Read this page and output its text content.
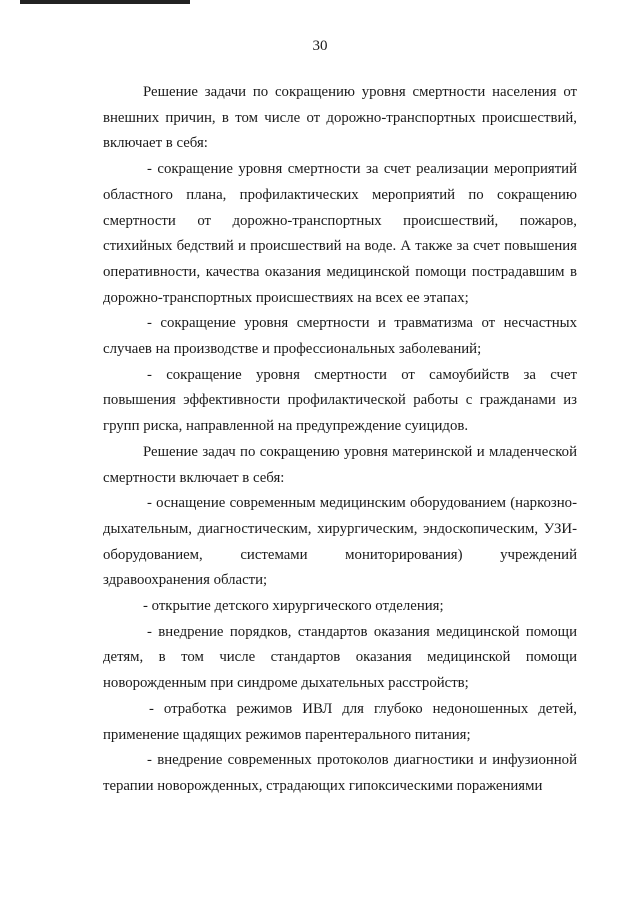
30

Решение задачи по сокращению уровня смертности населения от внешних причин, в том числе от дорожно-транспортных происшествий, включает в себя:

- сокращение уровня смертности за счет реализации мероприятий областного плана, профилактических мероприятий по сокращению смертности от дорожно-транспортных происшествий, пожаров, стихийных бедствий и происшествий на воде. А также за счет повышения оперативности, качества оказания медицинской помощи пострадавшим в дорожно-транспортных происшествиях на всех ее этапах;

- сокращение уровня смертности и травматизма от несчастных случаев на производстве и профессиональных заболеваний;

- сокращение уровня смертности от самоубийств за счет повышения эффективности профилактической работы с гражданами из групп риска, направленной на предупреждение суицидов.

Решение задач по сокращению уровня материнской и младенческой смертности включает в себя:

- оснащение современным медицинским оборудованием (наркозно-дыхательным, диагностическим, хирургическим, эндоскопическим, УЗИ-оборудованием, системами мониторирования) учреждений здравоохранения области;

- открытие детского хирургического отделения;

- внедрение порядков, стандартов оказания медицинской помощи детям, в том числе стандартов оказания медицинской помощи новорожденным при синдроме дыхательных расстройств;

- отработка режимов ИВЛ для глубоко недоношенных детей, применение щадящих режимов парентерального питания;

- внедрение современных протоколов диагностики и инфузионной терапии новорожденных, страдающих гипоксическими поражениями
